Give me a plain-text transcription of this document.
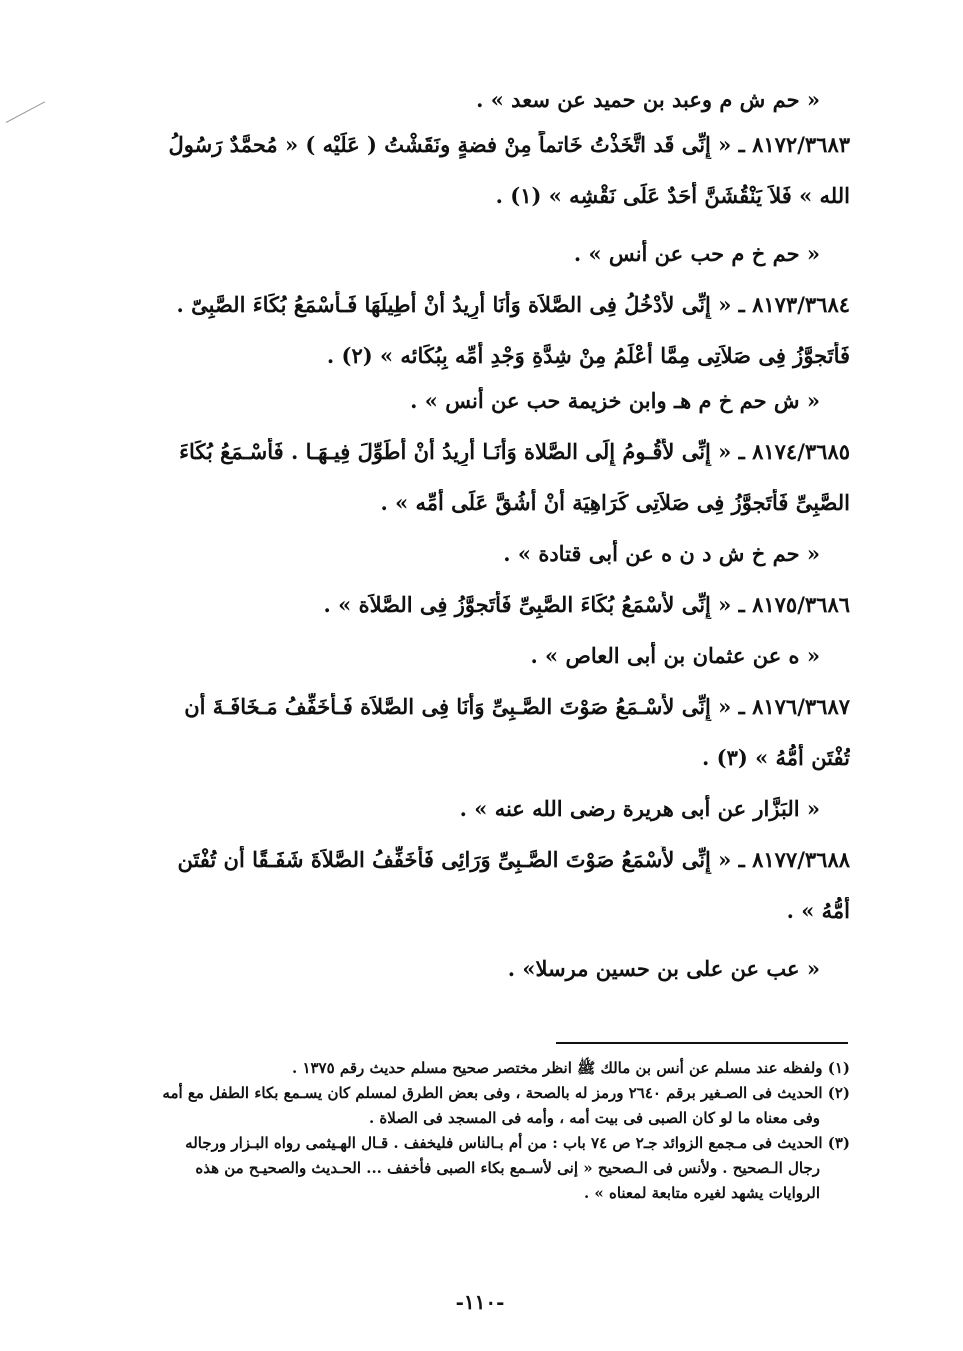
« حم ش م وعبد بن حميد عن سعد » .
٨١٧٢/٣٦٨٣ ـ « إِنِّى قَد اتَّخَذْتُ خَاتماً مِنْ فضةٍ ونَقَشْتُ ( عَلَيْه ) « مُحمَّدٌ رَسُولُ
الله » فَلاَ يَنْقُشَنَّ أَحَدٌ عَلَى نَقْشِه » (١) .
« حم خ م حب عن أنس » .
٨١٧٣/٣٦٨٤ ـ « إِنِّى لأَدْخُلُ فِى الصَّلاَة وَأَنَا أُرِيدُ أَنْ أُطِيلَهَا فَـأَسْمَعُ بُكَاءَ الصَّبِىّ .
فَأَتَجوَّزُ فِى صَلاَتِى مِمَّا أَعْلَمُ مِنْ شِدَّةِ وَجْدِ أُمِّه بِبُكَائه » (٢) .
« ش حم خ م هـ وابن خزيمة حب عن أنس » .
٨١٧٤/٣٦٨٥ ـ « إِنِّى لأَقُـومُ إِلَى الصَّلاة وَأَنَـا أُرِيدُ أَنْ أُطَوِّلَ فِيـهَـا . فَأَسْـمَعُ بُكَاءَ
الصَّبِىِّ فَأَتَجوَّزُ فِى صَلاَتِى كَرَاهِيَة أَنْ أَشُقَّ عَلَى أُمِّه » .
« حم خ ش د ن ه عن أبى قتادة » .
٨١٧٥/٣٦٨٦ ـ « إِنِّى لأَسْمَعُ بُكَاءَ الصَّبِىِّ فَأَتَجوَّزُ فِى الصَّلاَة » .
« ه عن عثمان بن أبى العاص » .
٨١٧٦/٣٦٨٧ ـ « إِنِّى لأَسْـمَعُ صَوْتَ الصَّـبِىِّ وَأَنَا فِى الصَّلاَة فَـأُخَفِّفُ مَـخَافَـةَ أَن
تُفْتَن أُمُّهُ » (٣) .
« البَزَّار عن أبى هريرة رضى الله عنه » .
٨١٧٧/٣٦٨٨ ـ « إِنِّى لأَسْمَعُ صَوْتَ الصَّـبِىِّ وَرَائِى فَأُخَفِّفُ الصَّلاَةَ شَفَـقًا أَن تُفْتَن
أُمُّهُ » .
« عب عن على بن حسين مرسلا» .
(١) ولفظه عند مسلم عن أنس بن مالك ﷺ انظر مختصر صحيح مسلم حديث رقم ١٣٧٥ .
(٢) الحديث فى الصـغير برقم ٢٦٤٠ ورمز له بالصحة ، وفى بعض الطرق لمسلم كان يسـمع بكاء الطفل مع أمه
وفى معناه ما لو كان الصبى فى بيت أمه ، وأمه فى المسجد فى الصلاة .
(٣) الحديث فى مـجمع الزوائد جـ٢ ص ٧٤ باب : من أم بـالناس فليخفف . قـال الهـيثمى رواه البـزار ورجاله
رجال الـصحيح . ولأنس فى الـصحيح « إنى لأسـمع بكاء الصبى فأخفف ... الحـديث والصحيـح من هذه
الروايات يشهد لغيره متابعة لمعناه » .
-١١٠-
